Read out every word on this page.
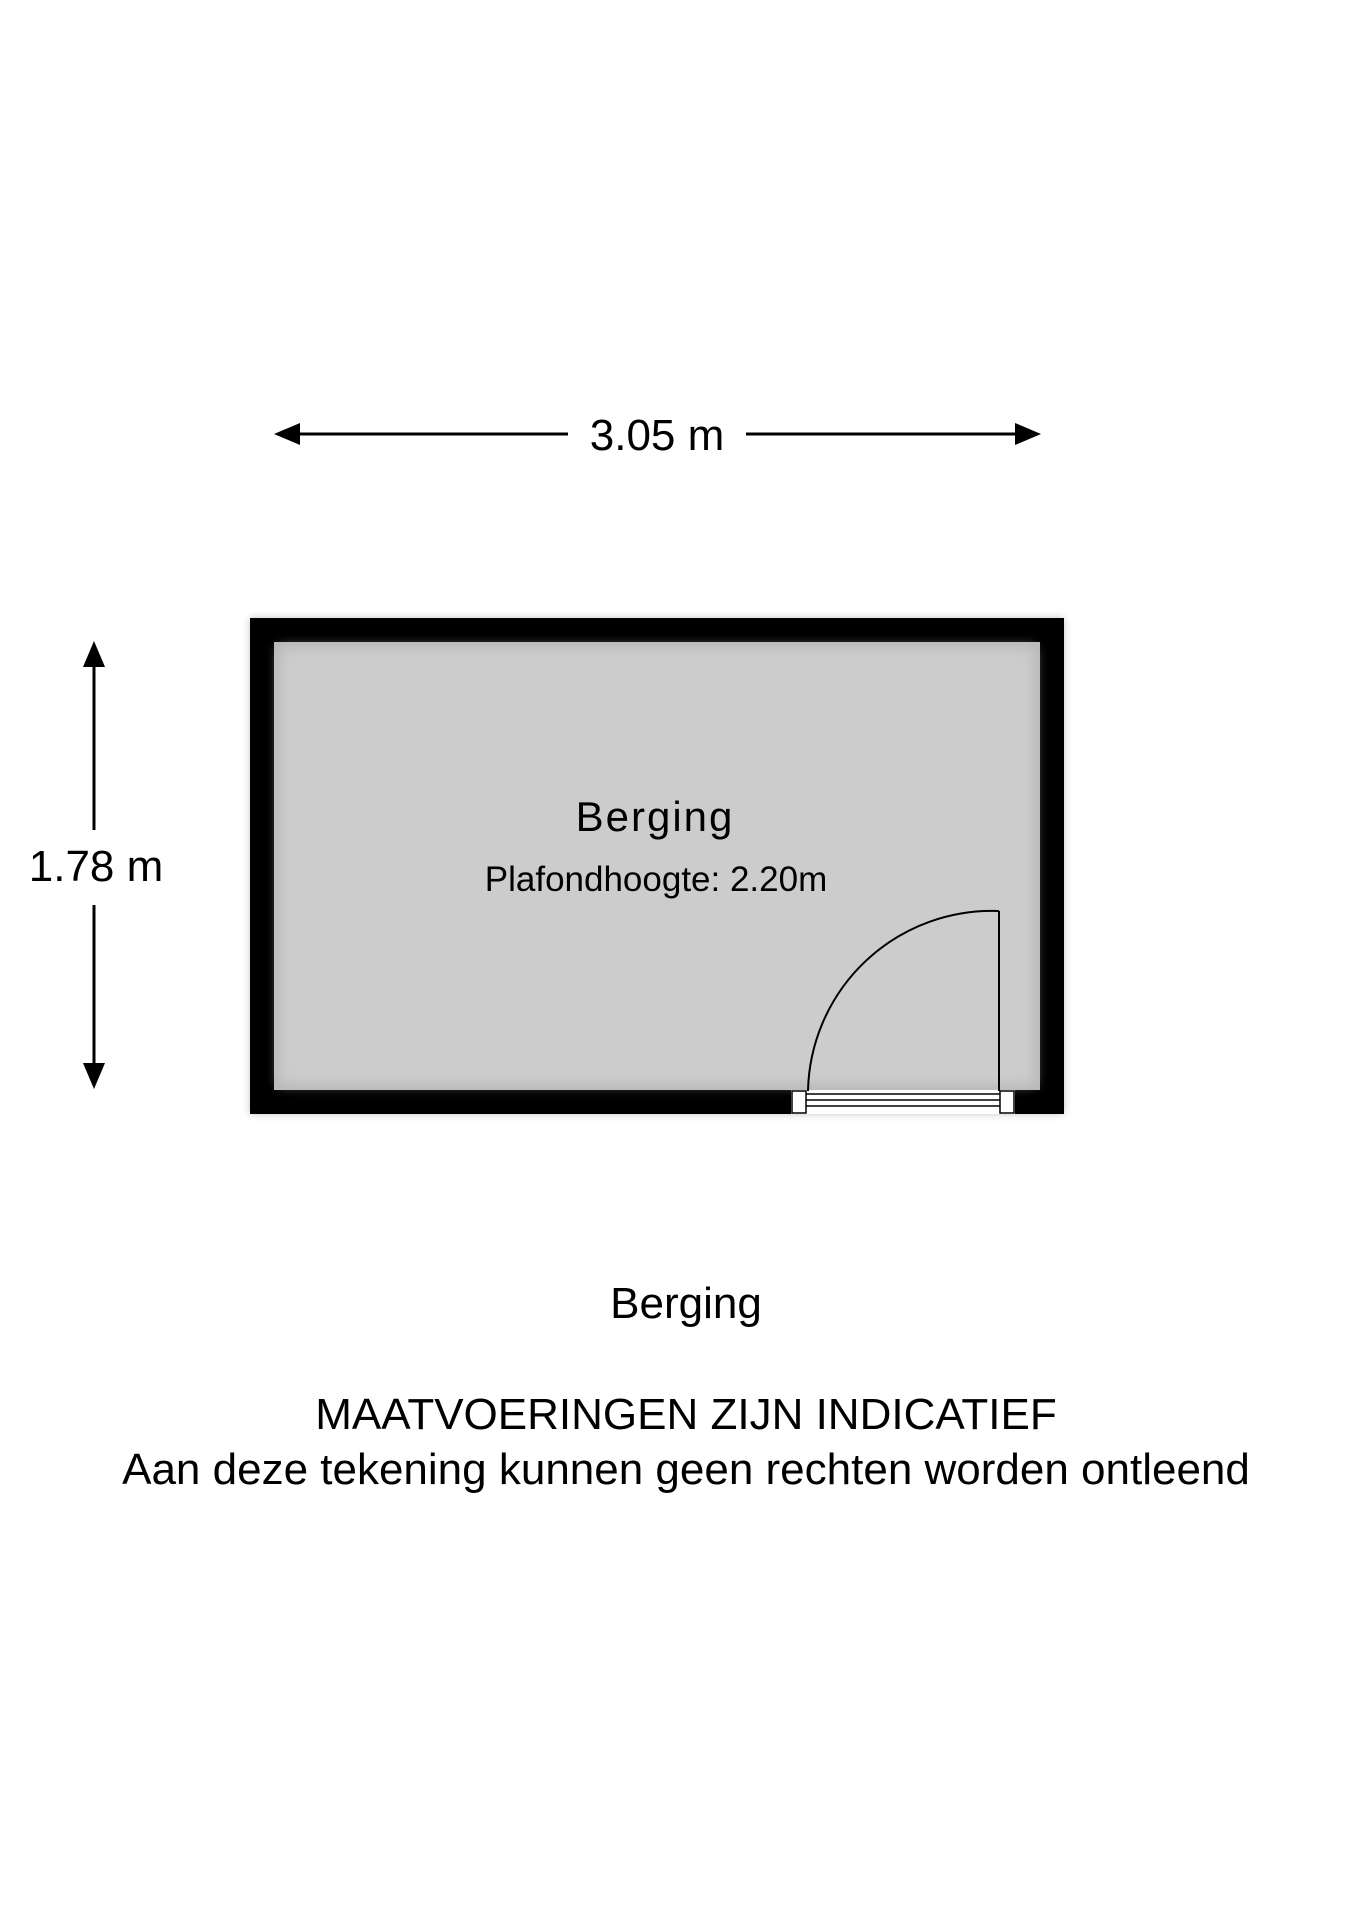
3.05 m
1.78 m
Berging
Plafondhoogte: 2.20m
Berging
MAATVOERINGEN ZIJN INDICATIEF
Aan deze tekening kunnen geen rechten worden ontleend
